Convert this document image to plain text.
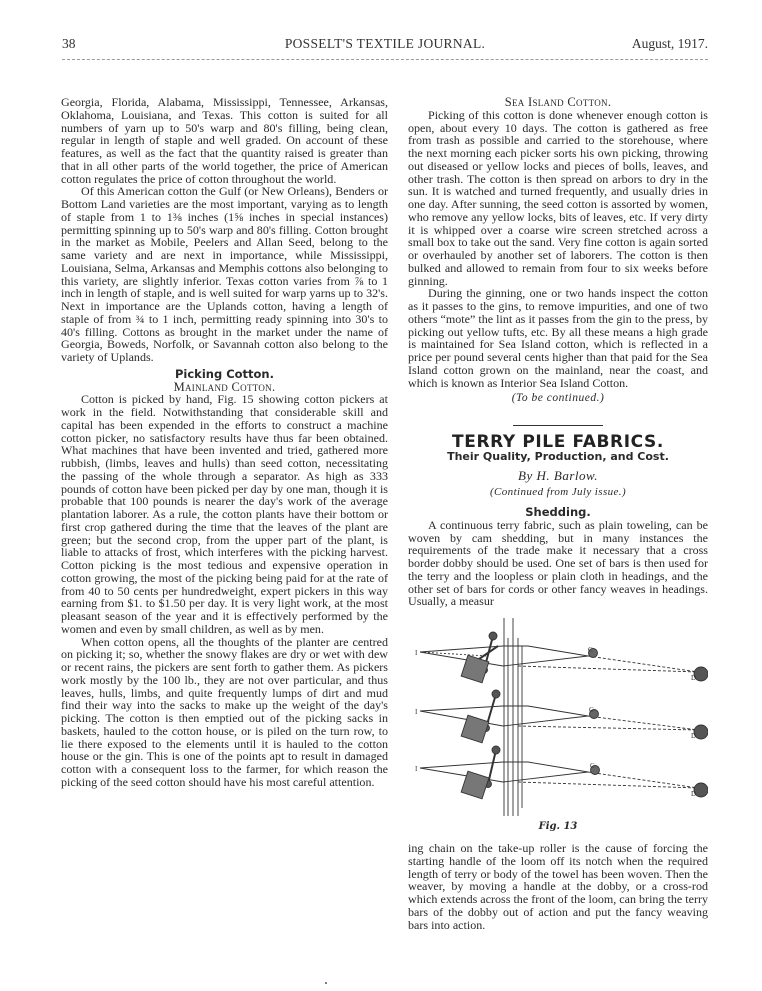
38	POSSELT'S TEXTILE JOURNAL.	August, 1917.

Georgia, Florida, Alabama, Mississippi, Tennessee, Arkansas, Oklahoma, Louisiana, and Texas. This cotton is suited for all numbers of yarn up to 50's warp and 80's filling, being clean, regular in length of staple and well graded. On account of these features, as well as the fact that the quantity raised is greater than that in all other parts of the world together, the price of American cotton regulates the price of cotton throughout the world.

Of this American cotton the Gulf (or New Orleans), Benders or Bottom Land varieties are the most important, varying as to length of staple from 1 to 1⅜ inches (1⅝ inches in special instances) permitting spinning up to 50's warp and 80's filling. Cotton brought in the market as Mobile, Peelers and Allan Seed, belong to the same variety and are next in importance, while Mississippi, Louisiana, Selma, Arkansas and Memphis cottons also belonging to this variety, are slightly inferior. Texas cotton varies from ⅞ to 1 inch in length of staple, and is well suited for warp yarns up to 32's. Next in importance are the Uplands cotton, having a length of staple of from ¾ to 1 inch, permitting ready spinning into 30's to 40's filling. Cottons as brought in the market under the name of Georgia, Boweds, Norfolk, or Savannah cotton also belong to the variety of Uplands.

Picking Cotton.
Mainland Cotton.

Cotton is picked by hand, Fig. 15 showing cotton pickers at work in the field. Notwithstanding that considerable skill and capital has been expended in the efforts to construct a machine cotton picker, no satisfactory results have thus far been obtained. What machines that have been invented and tried, gathered more rubbish, (limbs, leaves and hulls) than seed cotton, necessitating the passing of the whole through a separator. As high as 333 pounds of cotton have been picked per day by one man, though it is probable that 100 pounds is nearer the day's work of the average plantation laborer. As a rule, the cotton plants have their bottom or first crop gathered during the time that the leaves of the plant are green; but the second crop, from the upper part of the plant, is liable to attacks of frost, which interferes with the picking harvest. Cotton picking is the most tedious and expensive operation in cotton growing, the most of the picking being paid for at the rate of from 40 to 50 cents per hundredweight, expert pickers in this way earning from $1. to $1.50 per day. It is very light work, at the most pleasant season of the year and it is effectively performed by the women and even by small children, as well as by men.

When cotton opens, all the thoughts of the planter are centred on picking it; so, whether the snowy flakes are dry or wet with dew or recent rains, the pickers are sent forth to gather them. As pickers work mostly by the 100 lb., they are not over particular, and thus leaves, hulls, limbs, and quite frequently lumps of dirt and mud find their way into the sacks to make up the weight of the day's picking. The cotton is then emptied out of the picking sacks in baskets, hauled to the cotton house, or is piled on the turn row, to lie there exposed to the elements until it is hauled to the cotton house or the gin. This is one of the points apt to result in damaged cotton with a consequent loss to the farmer, for which reason the picking of the seed cotton should have his most careful attention.

Sea Island Cotton.

Picking of this cotton is done whenever enough cotton is open, about every 10 days. The cotton is gathered as free from trash as possible and carried to the storehouse, where the next morning each picker sorts his own picking, throwing out diseased or yellow locks and pieces of bolls, leaves, and other trash. The cotton is then spread on arbors to dry in the sun. It is watched and turned frequently, and usually dries in one day. After sunning, the seed cotton is assorted by women, who remove any yellow locks, bits of leaves, etc. If very dirty it is whipped over a coarse wire screen stretched across a small box to take out the sand. Very fine cotton is again sorted or overhauled by another set of laborers. The cotton is then bulked and allowed to remain from four to six weeks before ginning.

During the ginning, one or two hands inspect the cotton as it passes to the gins, to remove impurities, and one of two others “mote” the lint as it passes from the gin to the press, by picking out yellow tufts, etc. By all these means a high grade is maintained for Sea Island cotton, which is reflected in a price per pound several cents higher than that paid for the Sea Island cotton grown on the mainland, near the coast, and which is known as Interior Sea Island Cotton.

(To be continued.)
TERRY PILE FABRICS.
Their Quality, Production, and Cost.
By H. Barlow.
(Continued from July issue.)
Shedding.

A continuous terry fabric, such as plain toweling, can be woven by cam shedding, but in many instances the requirements of the trade make it necessary that a cross border dobby should be used. One set of bars is then used for the terry and the loopless or plain cloth in headings, and the other set of bars for cords or other fancy weaves in headings. Usually, a measur

C
D
C
D
C
D
I
I
I
Fig. 13

ing chain on the take-up roller is the cause of forcing the starting handle of the loom off its notch when the required length of terry or body of the towel has been woven. Then the weaver, by moving a handle at the dobby, or a cross-rod which extends across the front of the loom, can bring the terry bars of the dobby out of action and put the fancy weaving bars into action.
